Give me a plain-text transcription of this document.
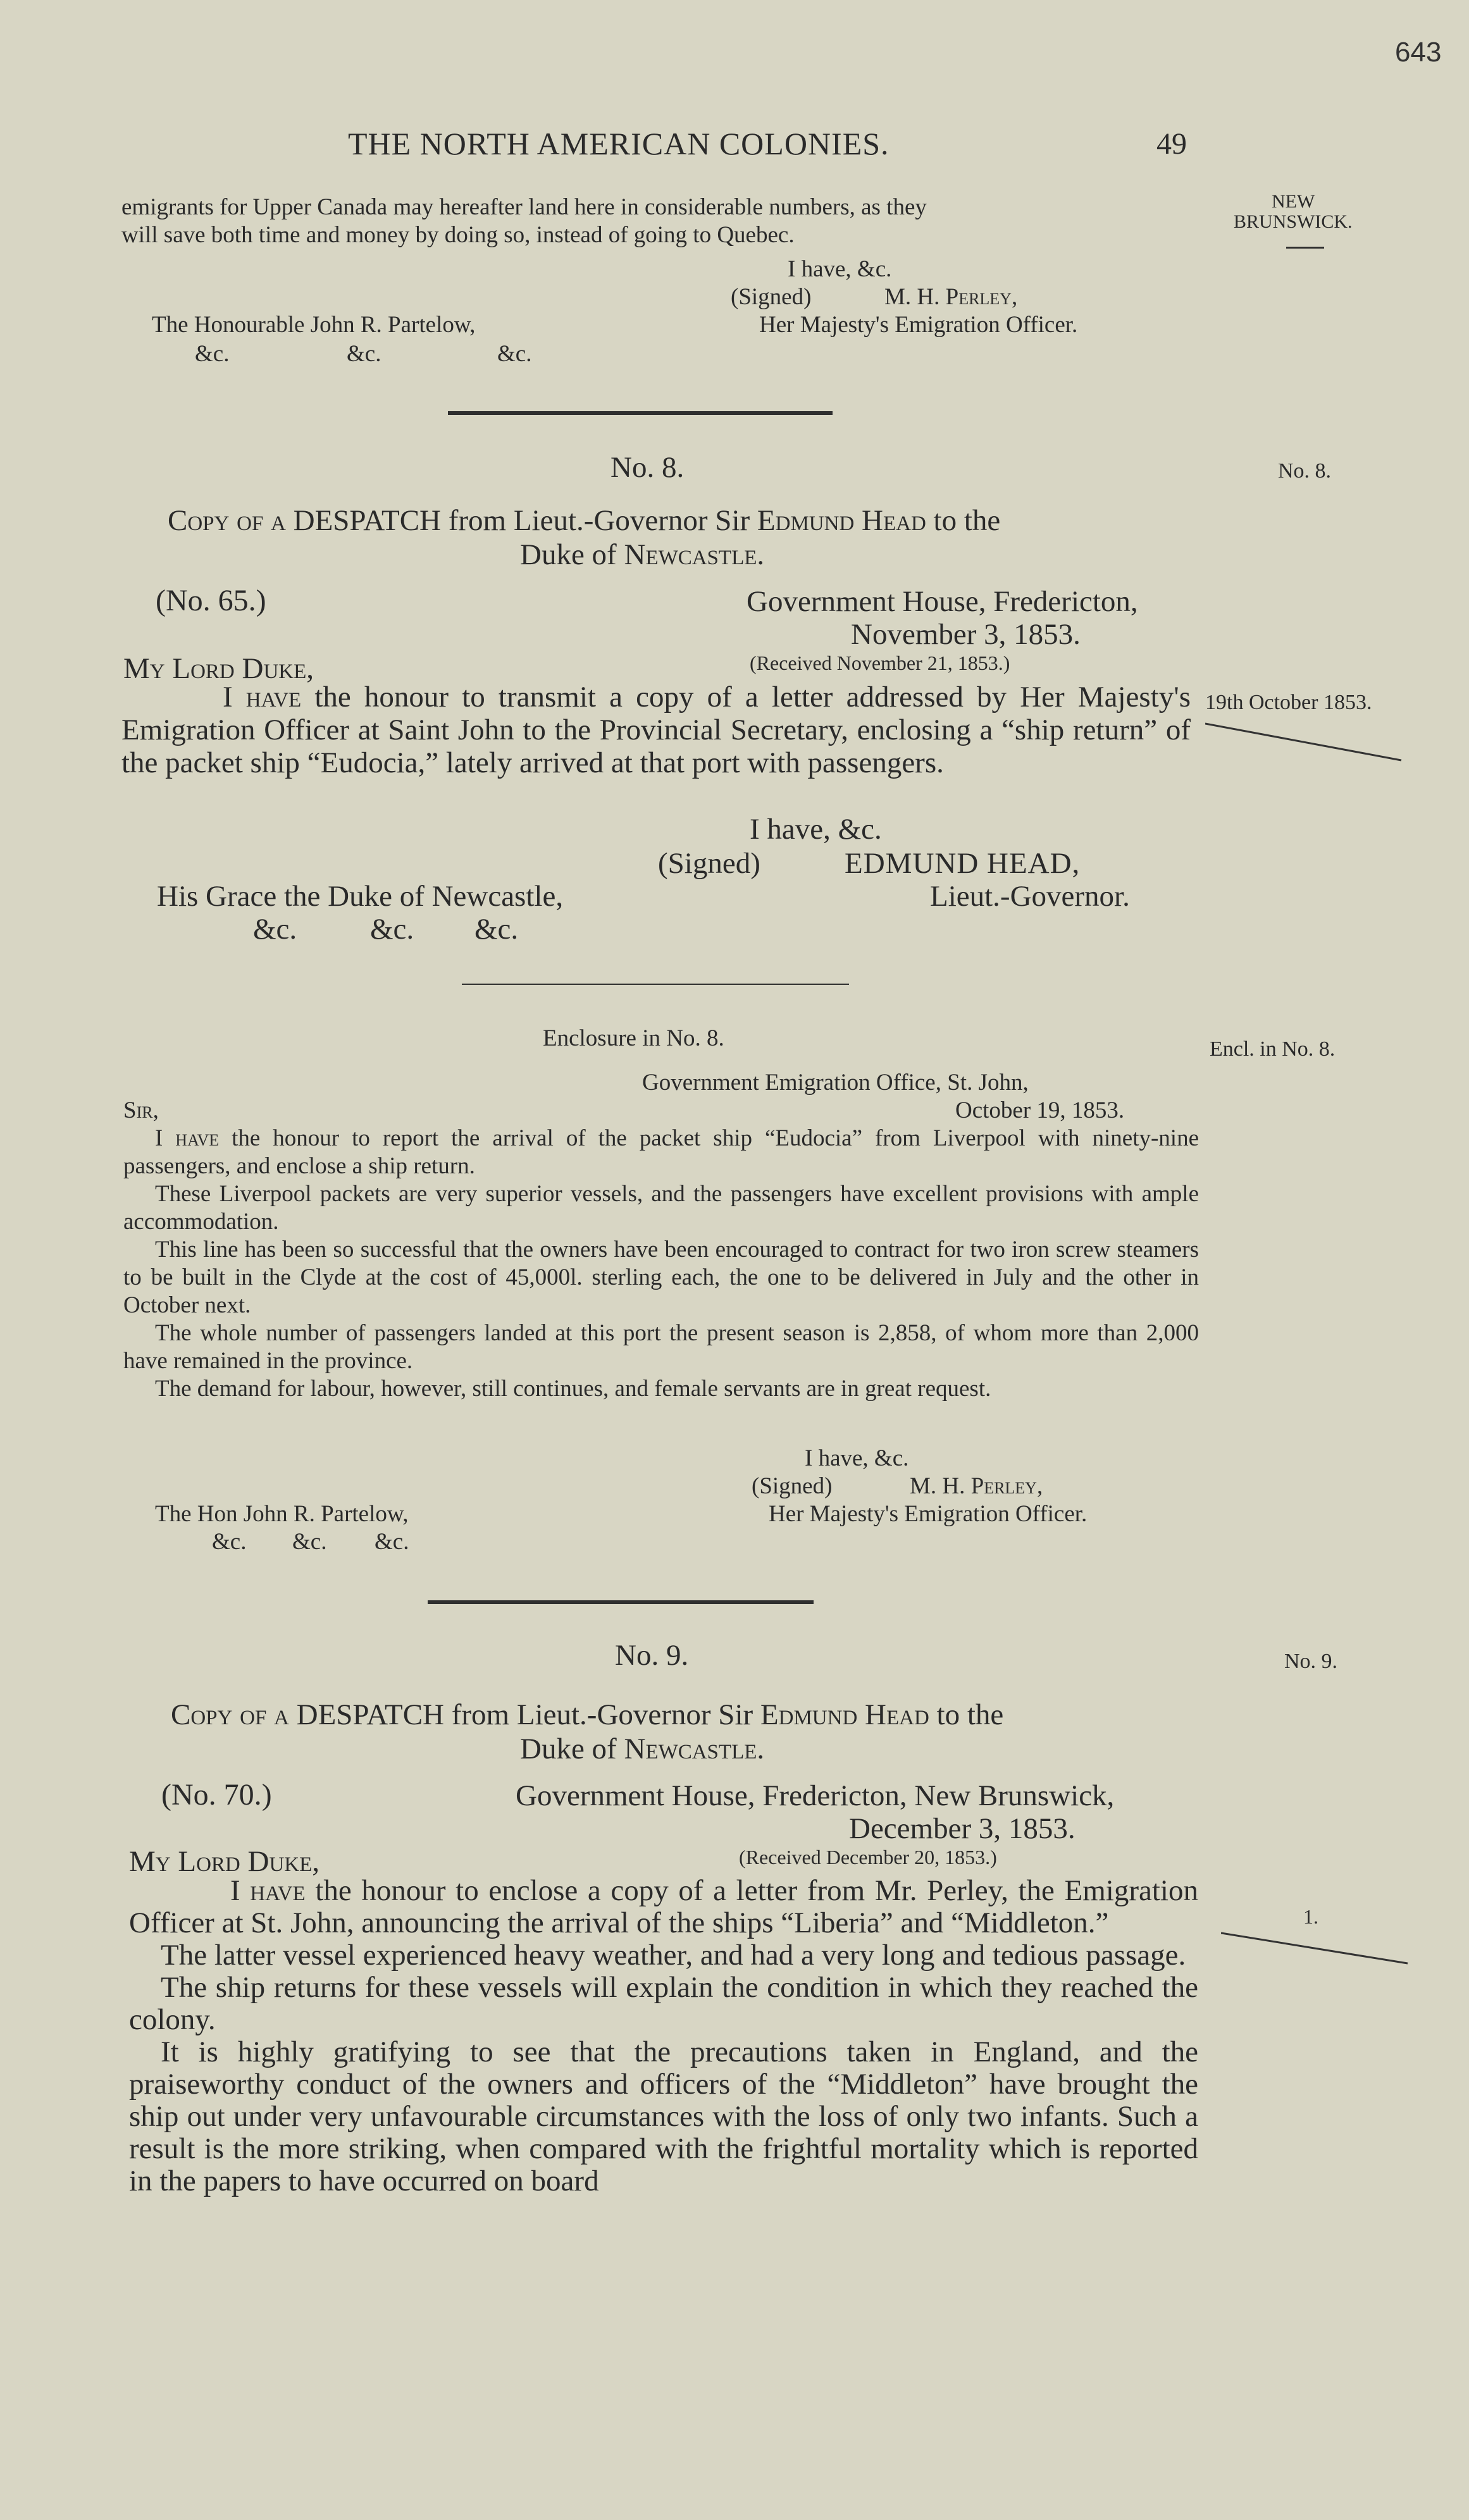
643
THE NORTH AMERICAN COLONIES.	49
NEW
BRUNSWICK.
emigrants for Upper Canada may hereafter land here in considerable numbers, as they
will save both time and money by doing so, instead of going to Quebec.
I have, &c.
(Signed)	M. H. Perley,
The Honourable John R. Partelow,	Her Majesty's Emigration Officer.
&c.	&c.	&c.
No. 8.	No. 8.
Copy of a DESPATCH from Lieut.-Governor Sir Edmund Head to the
Duke of Newcastle.
(No. 65.)	Government House, Fredericton,
November 3, 1853.
My Lord Duke,	(Received November 21, 1853.)

I have the honour to transmit a copy of a letter addressed by Her Majesty's Emigration Officer at Saint John to the Provincial Secretary, enclosing a “ship return” of the packet ship “Eudocia,” lately arrived at that port with passengers.

19th October 1853.
I have, &c.
(Signed)	EDMUND HEAD,
His Grace the Duke of Newcastle,	Lieut.-Governor.
&c. &c. &c.
Enclosure in No. 8.	Encl. in No. 8.
Government Emigration Office, St. John,
Sir,	October 19, 1853.

I have the honour to report the arrival of the packet ship “Eudocia” from Liverpool with ninety-nine passengers, and enclose a ship return.

These Liverpool packets are very superior vessels, and the passengers have excellent provisions with ample accommodation.

This line has been so successful that the owners have been encouraged to contract for two iron screw steamers to be built in the Clyde at the cost of 45,000l. sterling each, the one to be delivered in July and the other in October next.

The whole number of passengers landed at this port the present season is 2,858, of whom more than 2,000 have remained in the province.

The demand for labour, however, still continues, and female servants are in great request.

I have, &c.
(Signed)	M. H. Perley,
The Hon John R. Partelow,	Her Majesty's Emigration Officer.
&c. &c. &c.
No. 9.	No. 9.
Copy of a DESPATCH from Lieut.-Governor Sir Edmund Head to the
Duke of Newcastle.
(No. 70.)	Government House, Fredericton, New Brunswick,
December 3, 1853.
My Lord Duke,	(Received December 20, 1853.)

I have the honour to enclose a copy of a letter from Mr. Perley, the Emigration Officer at St. John, announcing the arrival of the ships “Liberia” and “Middleton.”

The latter vessel experienced heavy weather, and had a very long and tedious passage.

The ship returns for these vessels will explain the condition in which they reached the colony.

It is highly gratifying to see that the precautions taken in England, and the praiseworthy conduct of the owners and officers of the “Middleton” have brought the ship out under very unfavourable circumstances with the loss of only two infants. Such a result is the more striking, when compared with the frightful mortality which is reported in the papers to have occurred on board

1.
